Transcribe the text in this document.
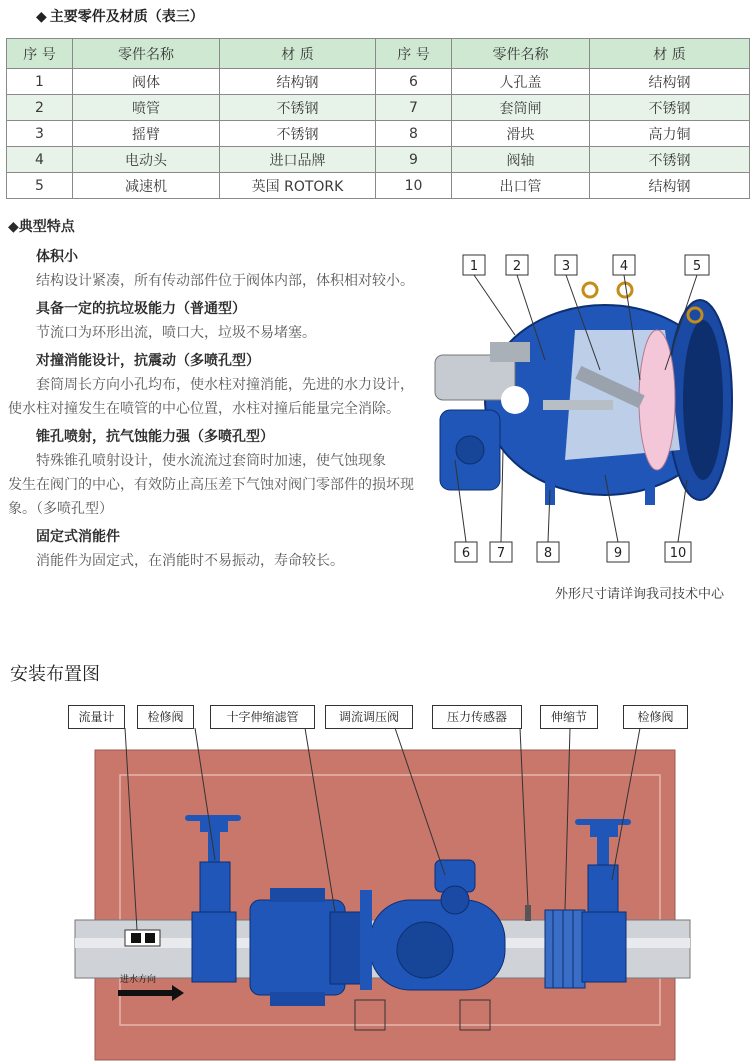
◆ 主要零件及材质（表三）
序 号	零件名称	材 质	序 号	零件名称	材 质
1	阀体	结构钢	6	人孔盖	结构钢
2	喷管	不锈钢	7	套筒闸	不锈钢
3	摇臂	不锈钢	8	滑块	高力铜
4	电动头	进口品牌	9	阀轴	不锈钢
5	减速机	英国 ROTORK	10	出口管	结构钢
◆典型特点
体积小

结构设计紧凑，所有传动部件位于阀体内部，体积相对较小。

具备一定的抗垃圾能力（普通型）

节流口为环形出流，喷口大，垃圾不易堵塞。

对撞消能设计，抗震动（多喷孔型）

套筒周长方向小孔均布，使水柱对撞消能，先进的水力设计，

使水柱对撞发生在喷管的中心位置，水柱对撞后能量完全消除。

锥孔喷射，抗气蚀能力强（多喷孔型）

特殊锥孔喷射设计，使水流流过套筒时加速，使气蚀现象

发生在阀门的中心，有效防止高压差下气蚀对阀门零部件的损坏现象。（多喷孔型）

固定式消能件

消能件为固定式，在消能时不易振动，寿命较长。

1	2	3	4	5
6 7	8	9	10
外形尺寸请详询我司技术中心
安装布置图
进水方向
流量计	检修阀	十字伸缩滤管	调流调压阀	压力传感器	伸缩节	检修阀
